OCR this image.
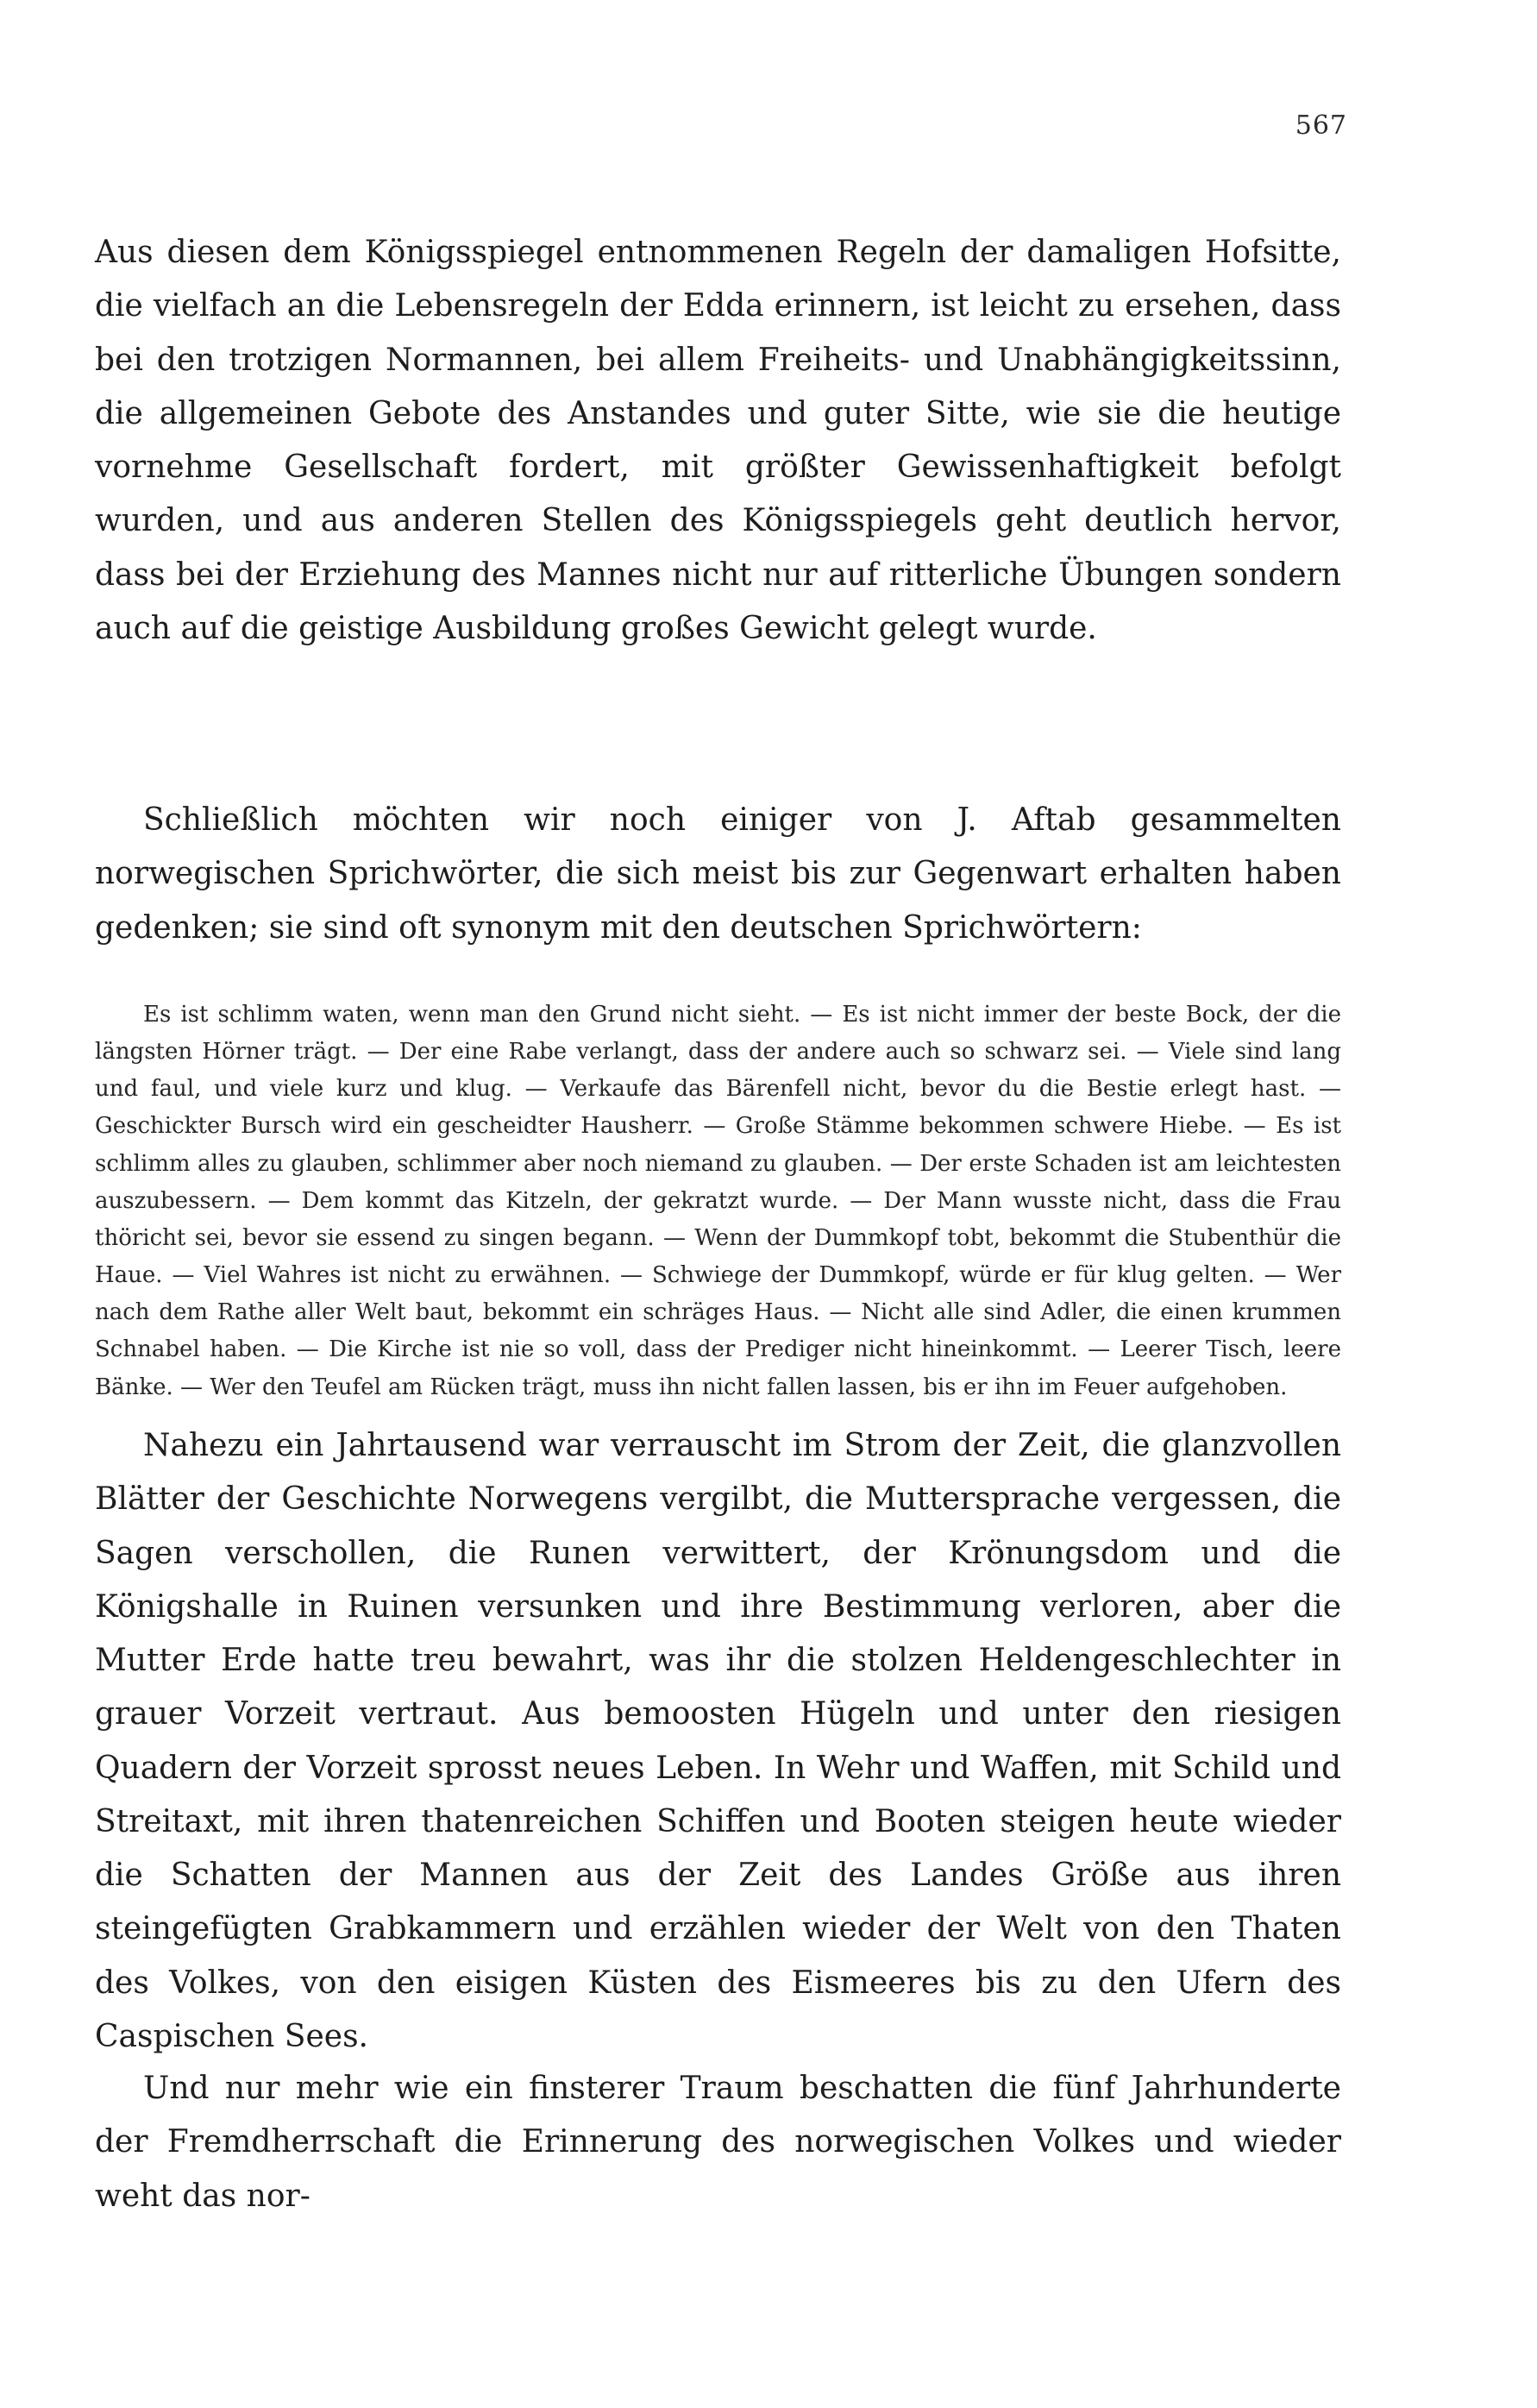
567

Aus diesen dem Königsspiegel entnommenen Regeln der damaligen Hofsitte, die vielfach an die Lebensregeln der Edda erinnern, ist leicht zu ersehen, dass bei den trotzigen Normannen, bei allem Freiheits- und Unabhängigkeitssinn, die allgemeinen Gebote des Anstandes und guter Sitte, wie sie die heutige vornehme Gesellschaft fordert, mit größter Gewissenhaftigkeit befolgt wurden, und aus anderen Stellen des Königsspiegels geht deutlich hervor, dass bei der Erziehung des Mannes nicht nur auf ritterliche Übungen sondern auch auf die geistige Ausbildung großes Gewicht gelegt wurde.

Schließlich möchten wir noch einiger von J. Aftab gesammelten norwegischen Sprichwörter, die sich meist bis zur Gegenwart erhalten haben gedenken; sie sind oft synonym mit den deutschen Sprichwörtern:

Es ist schlimm waten, wenn man den Grund nicht sieht. — Es ist nicht immer der beste Bock, der die längsten Hörner trägt. — Der eine Rabe verlangt, dass der andere auch so schwarz sei. — Viele sind lang und faul, und viele kurz und klug. — Verkaufe das Bärenfell nicht, bevor du die Bestie erlegt hast. — Geschickter Bursch wird ein gescheidter Hausherr. — Große Stämme bekommen schwere Hiebe. — Es ist schlimm alles zu glauben, schlimmer aber noch niemand zu glauben. — Der erste Schaden ist am leichtesten auszubessern. — Dem kommt das Kitzeln, der gekratzt wurde. — Der Mann wusste nicht, dass die Frau thöricht sei, bevor sie essend zu singen begann. — Wenn der Dummkopf tobt, bekommt die Stubenthür die Haue. — Viel Wahres ist nicht zu erwähnen. — Schwiege der Dummkopf, würde er für klug gelten. — Wer nach dem Rathe aller Welt baut, bekommt ein schräges Haus. — Nicht alle sind Adler, die einen krummen Schnabel haben. — Die Kirche ist nie so voll, dass der Prediger nicht hineinkommt. — Leerer Tisch, leere Bänke. — Wer den Teufel am Rücken trägt, muss ihn nicht fallen lassen, bis er ihn im Feuer aufgehoben.

Nahezu ein Jahrtausend war verrauscht im Strom der Zeit, die glanzvollen Blätter der Geschichte Norwegens vergilbt, die Muttersprache vergessen, die Sagen verschollen, die Runen verwittert, der Krönungsdom und die Königshalle in Ruinen versunken und ihre Bestimmung verloren, aber die Mutter Erde hatte treu bewahrt, was ihr die stolzen Heldengeschlechter in grauer Vorzeit vertraut. Aus bemoosten Hügeln und unter den riesigen Quadern der Vorzeit sprosst neues Leben. In Wehr und Waffen, mit Schild und Streitaxt, mit ihren thatenreichen Schiffen und Booten steigen heute wieder die Schatten der Mannen aus der Zeit des Landes Größe aus ihren steingefügten Grabkammern und erzählen wieder der Welt von den Thaten des Volkes, von den eisigen Küsten des Eismeeres bis zu den Ufern des Caspischen Sees.

Und nur mehr wie ein finsterer Traum beschatten die fünf Jahrhunderte der Fremdherrschaft die Erinnerung des norwegischen Volkes und wieder weht das nor-
